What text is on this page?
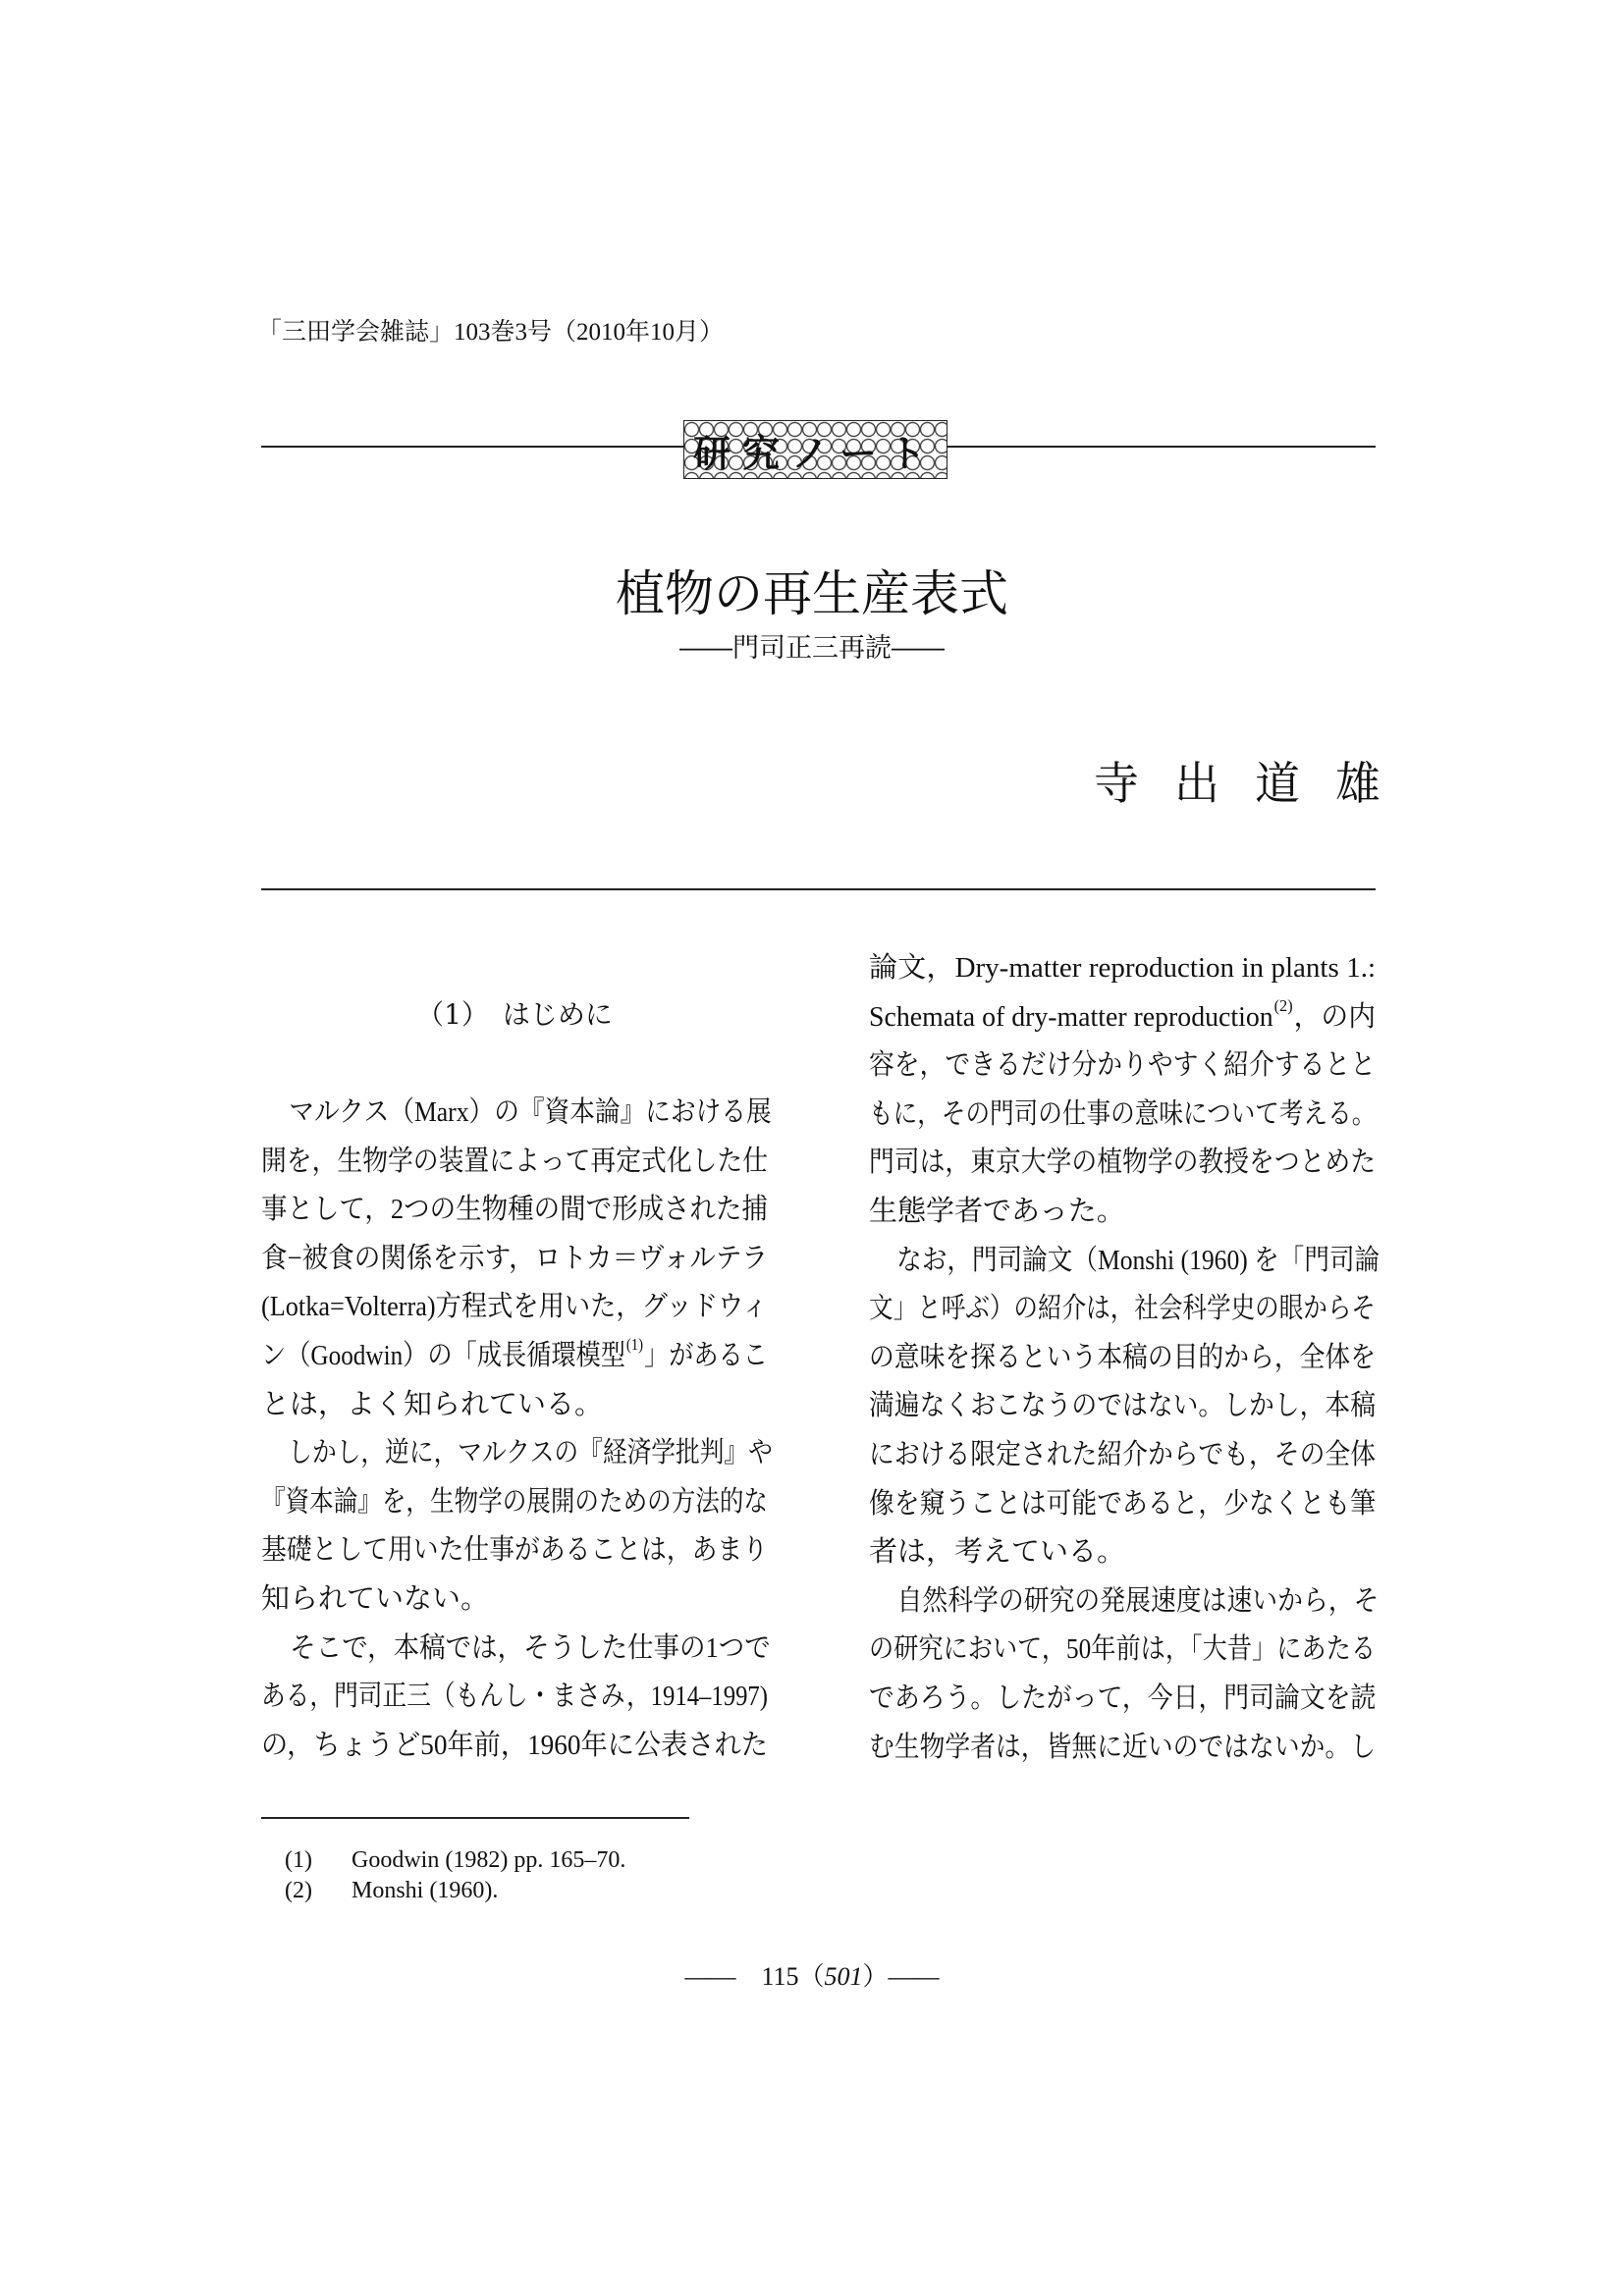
「三田学会雑誌」103巻3号（2010年10月）
研究ノート
植物の再生産表式
――門司正三再読――
寺出道雄
（1）　はじめに
マルクス（Marx）の『資本論』における展
開を，生物学の装置によって再定式化した仕
事として，2つの生物種の間で形成された捕
食−被食の関係を示す，ロトカ＝ヴォルテラ
(Lotka=Volterra)方程式を用いた，グッドウィ
ン（Goodwin）の「成長循環模型$^{(1)}$」があるこ
とは，よく知られている。
しかし，逆に，マルクスの『経済学批判』や
『資本論』を，生物学の展開のための方法的な
基礎として用いた仕事があることは，あまり
知られていない。
そこで，本稿では，そうした仕事の1つで
ある，門司正三（もんし・まさみ，1914–1997)
の，ちょうど50年前，1960年に公表された
論文，Dry-matter reproduction in plants 1.:
Schemata of dry-matter reproduction$^{(2)}$，の内
容を，できるだけ分かりやすく紹介するとと
もに，その門司の仕事の意味について考える。
門司は，東京大学の植物学の教授をつとめた
生態学者であった。
なお，門司論文（Monshi (1960) を「門司論
文」と呼ぶ）の紹介は，社会科学史の眼からそ
の意味を探るという本稿の目的から，全体を
満遍なくおこなうのではない。しかし，本稿
における限定された紹介からでも，その全体
像を窺うことは可能であると，少なくとも筆
者は，考えている。
自然科学の研究の発展速度は速いから，そ
の研究において，50年前は，「大昔」にあたる
であろう。したがって，今日，門司論文を読
む生物学者は，皆無に近いのではないか。し
(1)	Goodwin (1982) pp. 165–70.
(2)	Monshi (1960).
——　 115（501）——
